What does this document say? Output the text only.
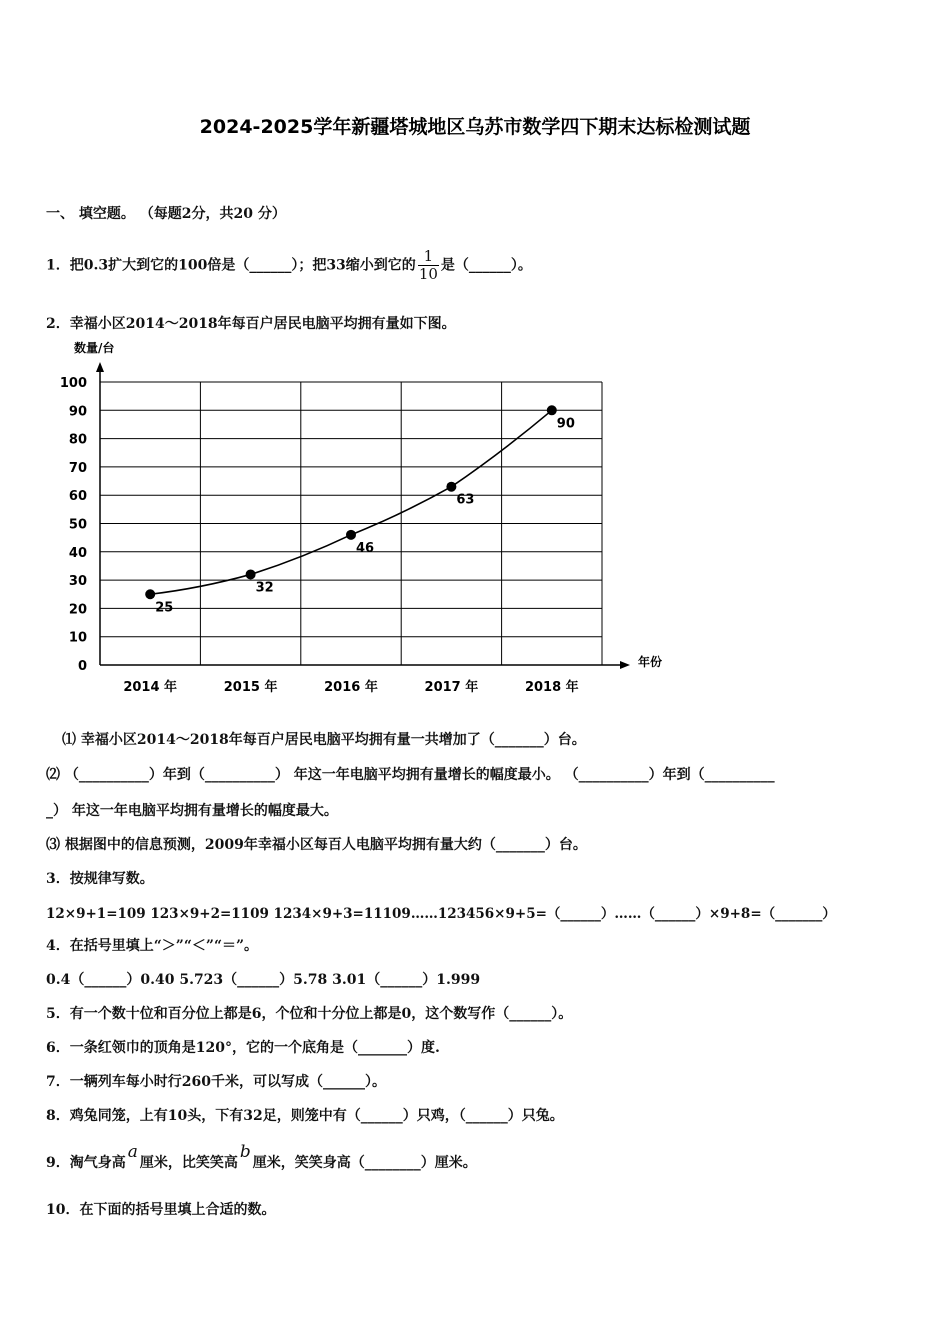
2024-2025学年新疆塔城地区乌苏市数学四下期末达标检测试题
一、 填空题。 （每题2分，共20 分）
1．把0.3扩大到它的100倍是（______）；把33缩小到它的 $\frac{1}{10}$ 是（______）。
2．幸福小区2014～2018年每百户居民电脑平均拥有量如下图。
0
10
20
30
40
50
60
70
80
90
100
2014 年	2015 年	2016 年	2017 年	2018 年
25
32
46
63
90
数量/台
年份
⑴ 幸福小区2014～2018年每百户居民电脑平均拥有量一共增加了（_______）台。
⑵ （__________）年到（__________） 年这一年电脑平均拥有量增长的幅度最小。 （__________）年到（__________
_） 年这一年电脑平均拥有量增长的幅度最大。
⑶ 根据图中的信息预测，2009年幸福小区每百人电脑平均拥有量大约（_______）台。
3．按规律写数。
12×9+1=109 123×9+2=1109 1234×9+3=11109……123456×9+5=（______）……（______）×9+8=（_______）
4．在括号里填上“＞”“＜”“＝”。
0.4（______）0.40 5.723（______）5.78 3.01（______）1.999
5．有一个数十位和百分位上都是6，个位和十分位上都是0，这个数写作（______）。
6．一条红领巾的顶角是120°，它的一个底角是（_______）度.
7．一辆列车每小时行260千米，可以写成（______）。
8．鸡兔同笼，上有10头，下有32足，则笼中有（______）只鸡，（______）只兔。
9．淘气身高a厘米，比笑笑高b厘米，笑笑身高（________）厘米。
10．在下面的括号里填上合适的数。
